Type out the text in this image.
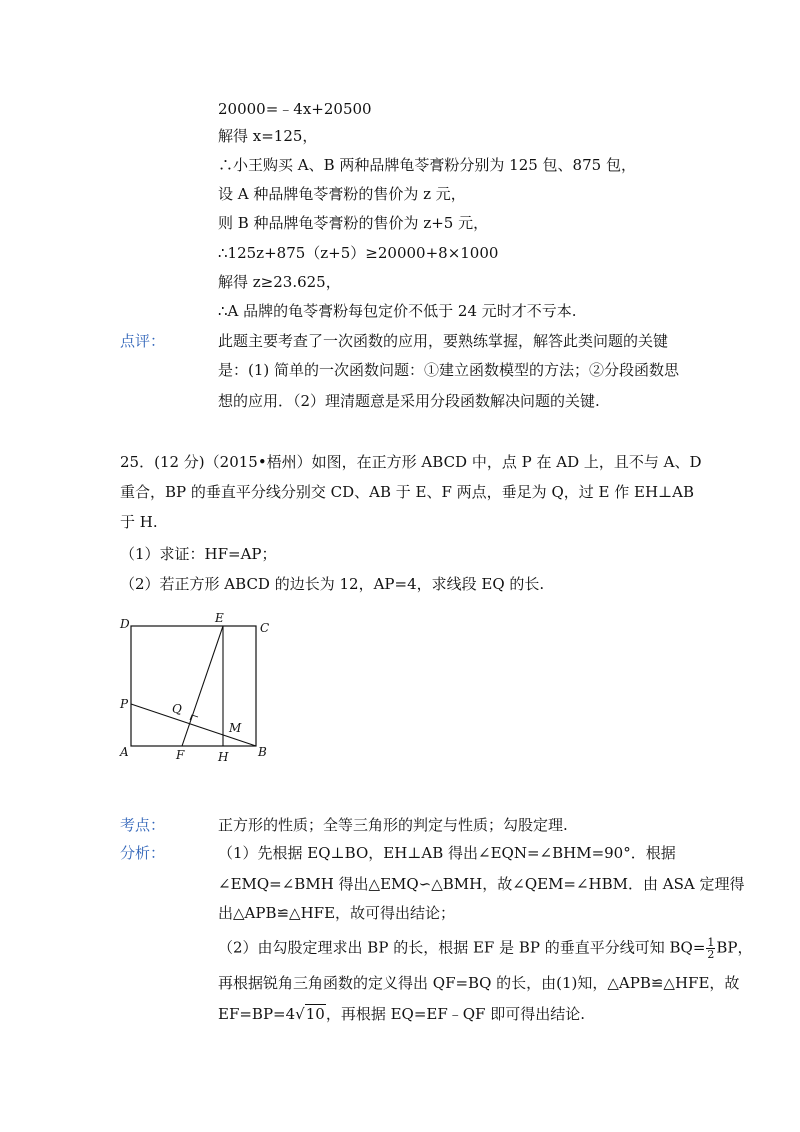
20000=﹣4x+20500
解得 x=125，
∴小王购买 A、B 两种品牌龟苓膏粉分别为 125 包、875 包，
设 A 种品牌龟苓膏粉的售价为 z 元，
则 B 种品牌龟苓膏粉的售价为 z+5 元，
∴125z+875（z+5）≥20000+8×1000
解得 z≥23.625，
∴A 品牌的龟苓膏粉每包定价不低于 24 元时才不亏本.
点评：	此题主要考查了一次函数的应用，要熟练掌握，解答此类问题的关键
是：(1) 简单的一次函数问题：①建立函数模型的方法；②分段函数思
想的应用．（2）理清题意是采用分段函数解决问题的关键.
25．(12 分)（2015•梧州）如图，在正方形 ABCD 中，点 P 在 AD 上，且不与 A、D
重合，BP 的垂直平分线分别交 CD、AB 于 E、F 两点，垂足为 Q，过 E 作 EH⊥AB
于 H.
（1）求证：HF=AP；
（2）若正方形 ABCD 的边长为 12，AP=4，求线段 EQ 的长.
D	E
C
P	Q
M
A	F	H B
考点：	正方形的性质；全等三角形的判定与性质；勾股定理.
分析：	（1）先根据 EQ⊥BO，EH⊥AB 得出∠EQN=∠BHM=90°．根据
∠EMQ=∠BMH 得出△EMQ∽△BMH，故∠QEM=∠HBM．由 ASA 定理得
出△APB≌△HFE，故可得出结论；
（2）由勾股定理求出 BP 的长，根据 EF 是 BP 的垂直平分线可知 $BQ= \frac{1}{2}$ BP，
再根据锐角三角函数的定义得出 QF=BQ 的长，由(1)知，△APB≌△HFE，故
EF=BP=4√10，再根据 EQ=EF﹣QF 即可得出结论.
